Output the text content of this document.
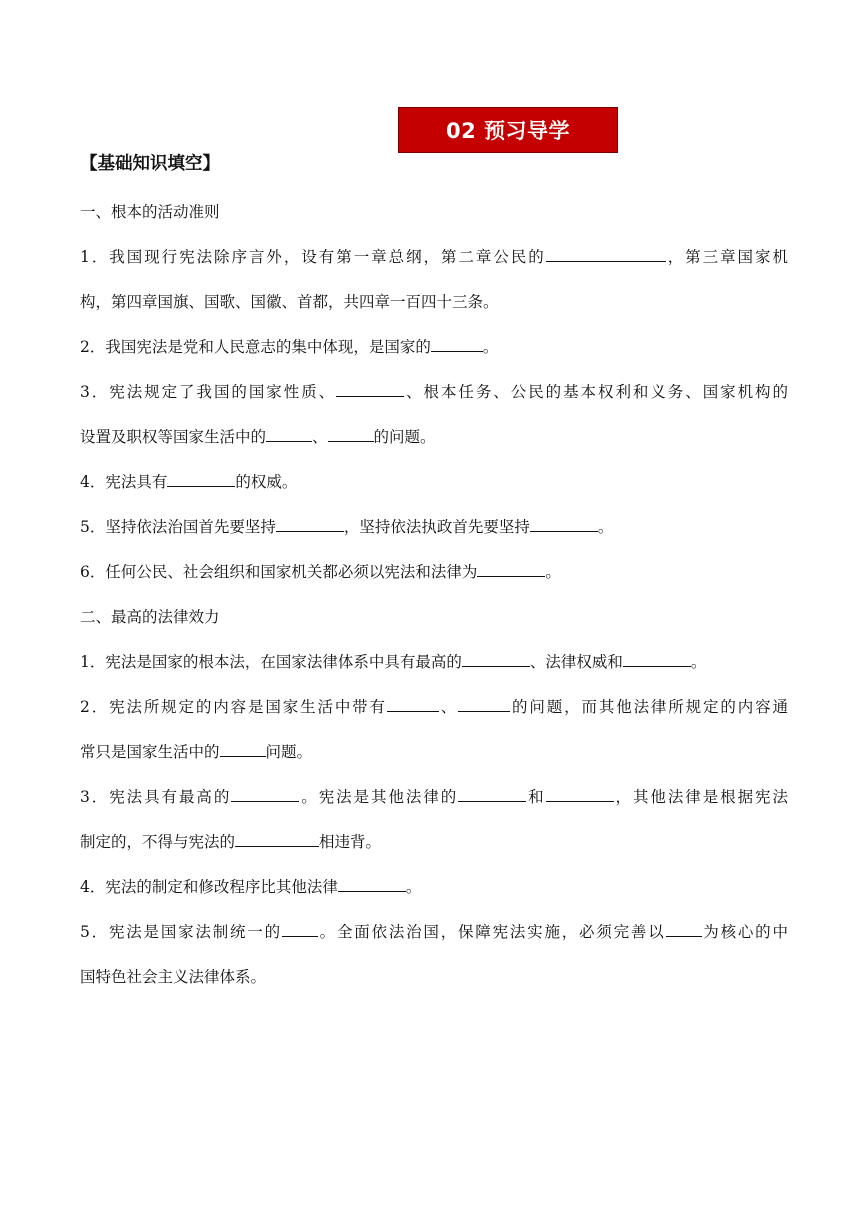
02 预习导学
【基础知识填空】
一、根本的活动准则
1．我国现行宪法除序言外，设有第一章总纲，第二章公民的	，第三章国家机
构，第四章国旗、国歌、国徽、首都，共四章一百四十三条。
2．我国宪法是党和人民意志的集中体现，是国家的	。
3．宪法规定了我国的国家性质、	、根本任务、公民的基本权利和义务、国家机构的
设置及职权等国家生活中的	、	的问题。
4．宪法具有	的权威。
5．坚持依法治国首先要坚持	，坚持依法执政首先要坚持	。
6．任何公民、社会组织和国家机关都必须以宪法和法律为	。
二、最高的法律效力
1．宪法是国家的根本法，在国家法律体系中具有最高的	、法律权威和	。
2．宪法所规定的内容是国家生活中带有	、	的问题，而其他法律所规定的内容通
常只是国家生活中的	问题。
3．宪法具有最高的	。宪法是其他法律的	和	，其他法律是根据宪法
制定的，不得与宪法的	相违背。
4．宪法的制定和修改程序比其他法律	。
5．宪法是国家法制统一的 。全面依法治国，保障宪法实施，必须完善以 为核心的中
国特色社会主义法律体系。
